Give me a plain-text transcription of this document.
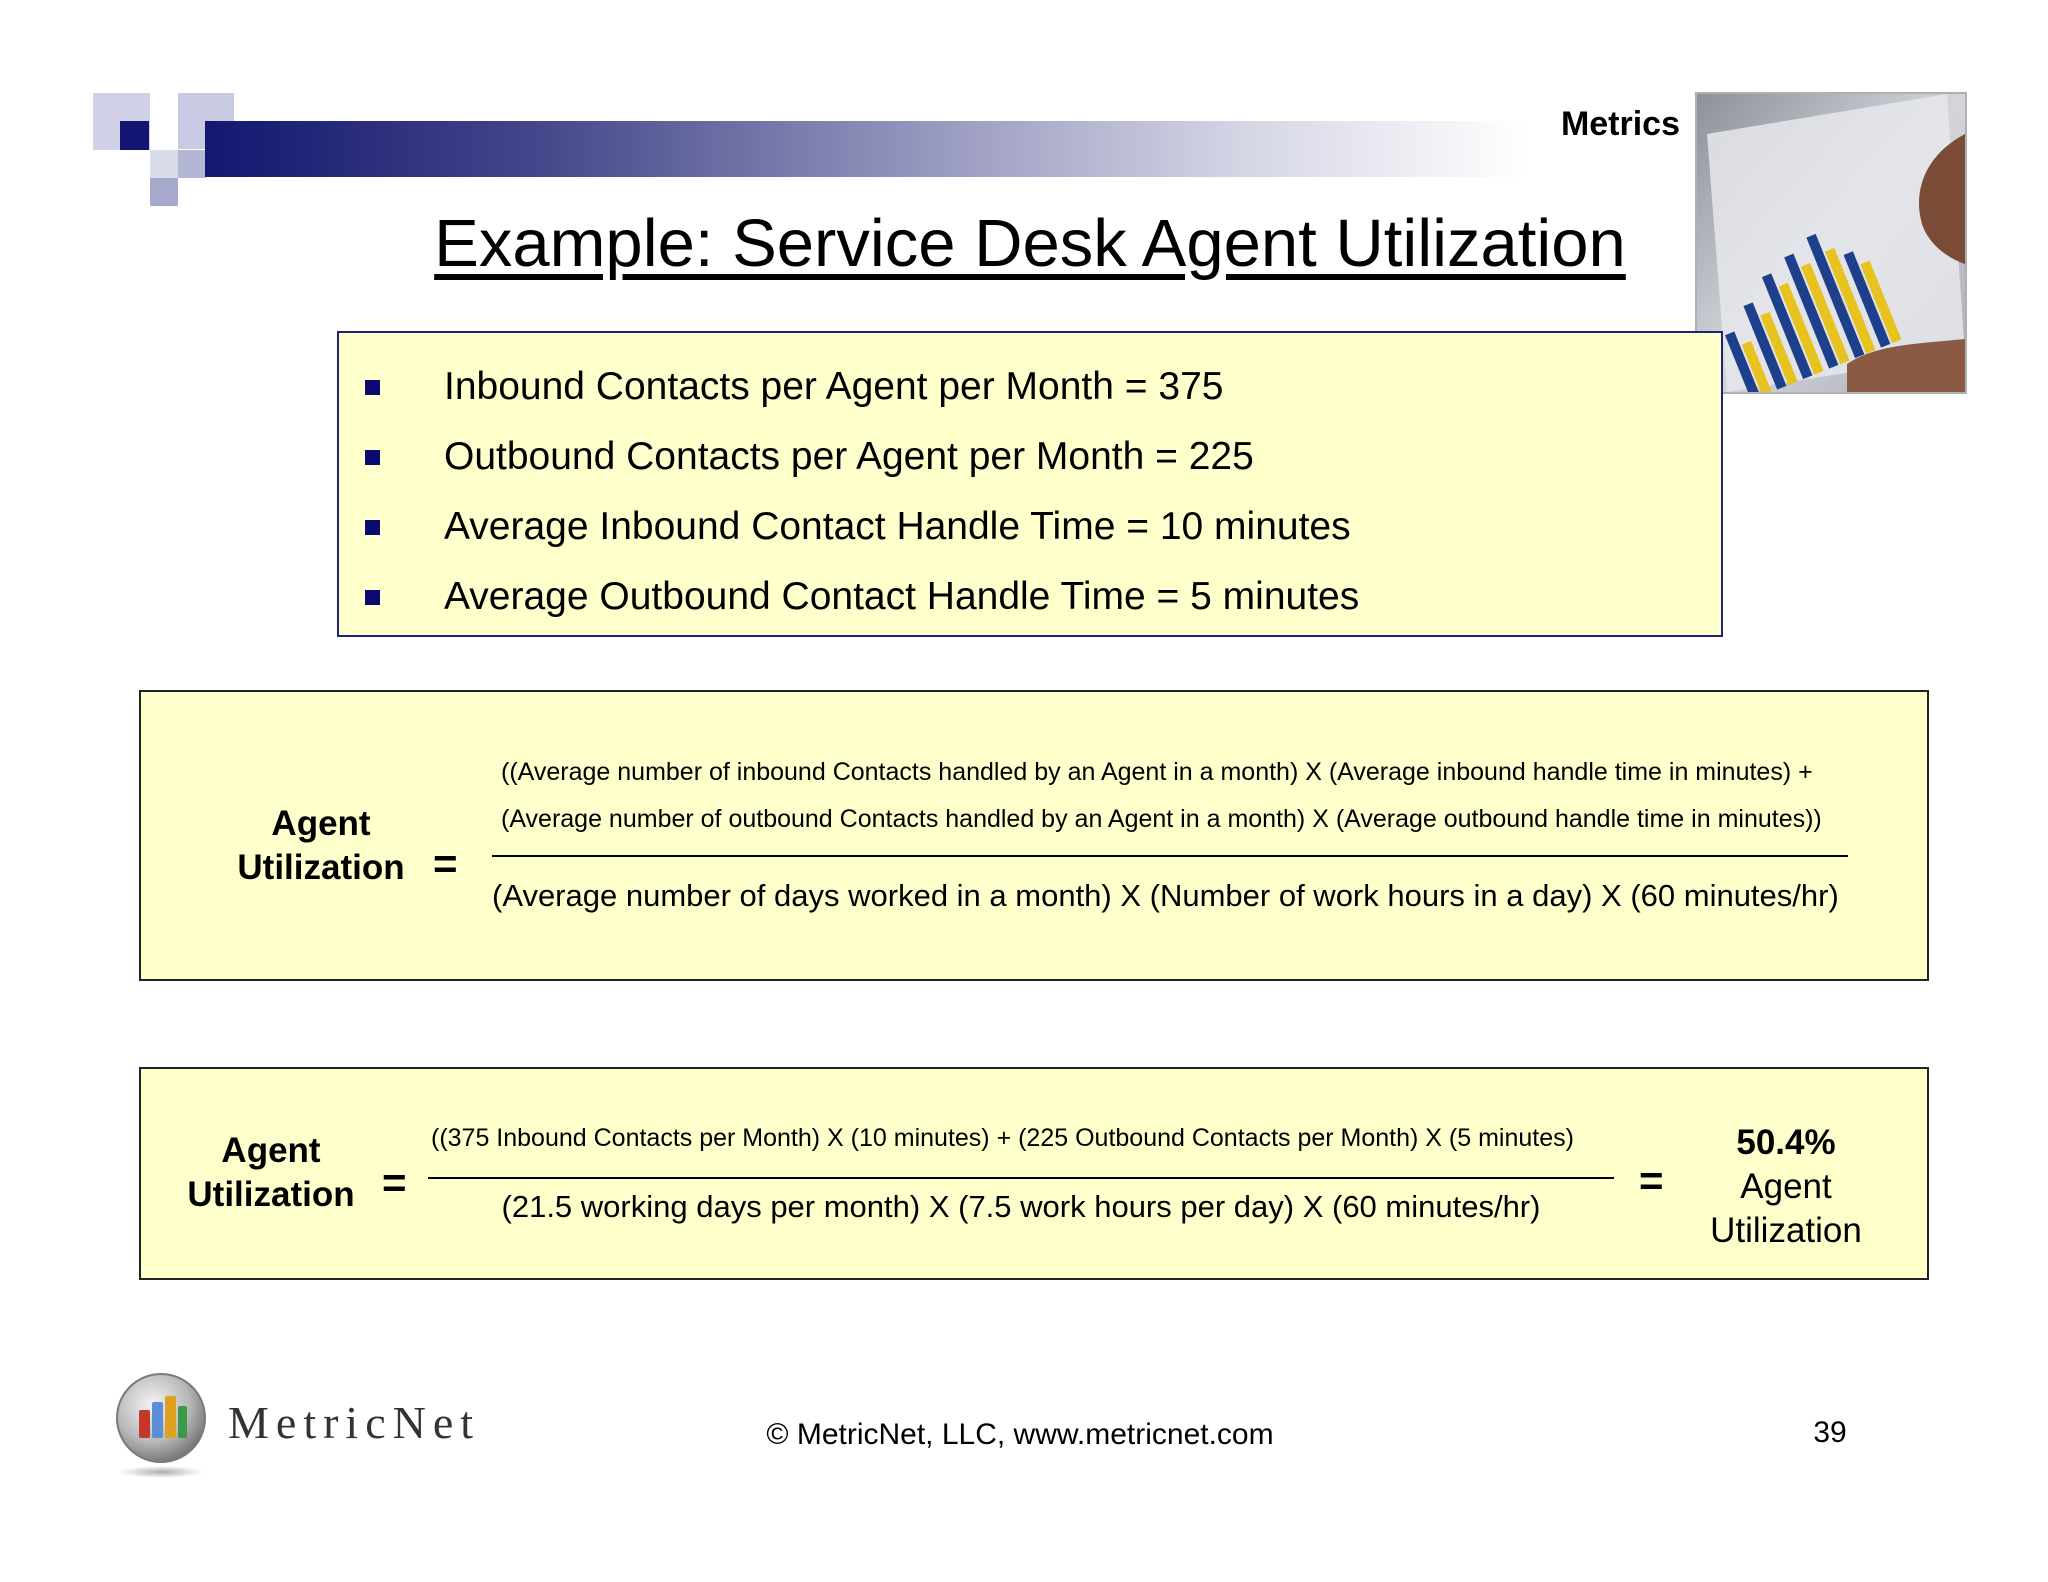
Metrics
Example: Service Desk Agent Utilization
Inbound Contacts per Agent per Month = 375
Outbound Contacts per Agent per Month = 225
Average Inbound Contact Handle Time = 10 minutes
Average Outbound Contact Handle Time = 5 minutes
Agent
Utilization =
((Average number of inbound Contacts handled by an Agent in a month) X (Average inbound handle time in minutes) +
(Average number of outbound Contacts handled by an Agent in a month) X (Average outbound handle time in minutes))
(Average number of days worked in a month) X (Number of work hours in a day) X (60 minutes/hr)
Agent
Utilization =
((375 Inbound Contacts per Month) X (10 minutes) + (225 Outbound Contacts per Month) X (5 minutes)
(21.5 working days per month) X (7.5 work hours per day) X (60 minutes/hr)
=
50.4%
Agent
Utilization
MetricNet	© MetricNet, LLC, www.metricnet.com	39
